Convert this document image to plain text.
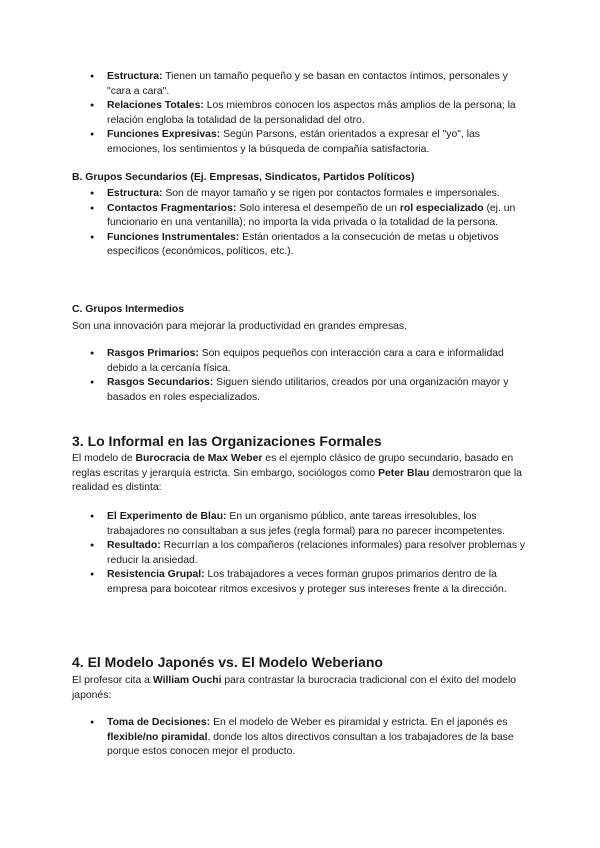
● Estructura: Tienen un tamaño pequeño y se basan en contactos íntimos, personales y "cara a cara".
● Relaciones Totales: Los miembros conocen los aspectos más amplios de la persona; la relación engloba la totalidad de la personalidad del otro.
● Funciones Expresivas: Según Parsons, están orientados a expresar el "yo", las emociones, los sentimientos y la búsqueda de compañía satisfactoria.

B. Grupos Secundarios (Ej. Empresas, Sindicatos, Partidos Políticos)

● Estructura: Son de mayor tamaño y se rigen por contactos formales e impersonales.
● Contactos Fragmentarios: Solo interesa el desempeño de un rol especializado (ej. un funcionario en una ventanilla); no importa la vida privada o la totalidad de la persona.
● Funciones Instrumentales: Están orientados a la consecución de metas u objetivos específicos (económicos, políticos, etc.).

C. Grupos Intermedios

Son una innovación para mejorar la productividad en grandes empresas.

● Rasgos Primarios: Son equipos pequeños con interacción cara a cara e informalidad debido a la cercanía física.
● Rasgos Secundarios: Siguen siendo utilitarios, creados por una organización mayor y basados en roles especializados.
3. Lo Informal en las Organizaciones Formales

El modelo de Burocracia de Max Weber es el ejemplo clásico de grupo secundario, basado en reglas escritas y jerarquía estricta. Sin embargo, sociólogos como Peter Blau demostraron que la realidad es distinta:

● El Experimento de Blau: En un organismo público, ante tareas irresolubles, los trabajadores no consultaban a sus jefes (regla formal) para no parecer incompetentes.
● Resultado: Recurrían a los compañeros (relaciones informales) para resolver problemas y reducir la ansiedad.
● Resistencia Grupal: Los trabajadores a veces forman grupos primarios dentro de la empresa para boicotear ritmos excesivos y proteger sus intereses frente a la dirección.
4. El Modelo Japonés vs. El Modelo Weberiano

El profesor cita a William Ouchi para contrastar la burocracia tradicional con el éxito del modelo japonés:

● Toma de Decisiones: En el modelo de Weber es piramidal y estricta. En el japonés es flexible/no piramidal, donde los altos directivos consultan a los trabajadores de la base porque estos conocen mejor el producto.
